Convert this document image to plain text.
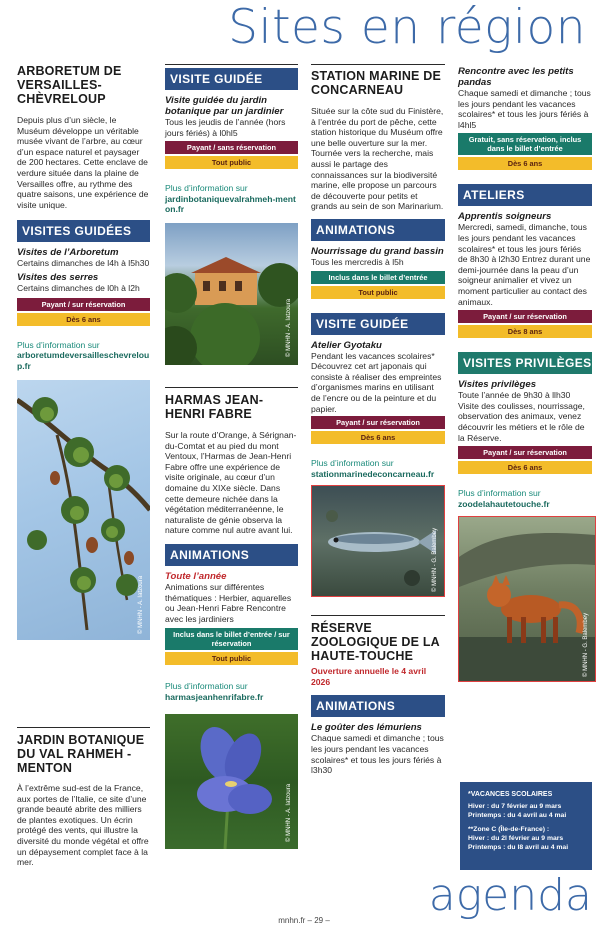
Sites en région
ARBORETUM DE VERSAILLES-CHÈVRELOUP
Depuis plus d’un siècle, le Muséum développe un véritable musée vivant de l’arbre, au cœur d’un espace naturel et paysager de 200 hectares. Cette enclave de verdure située dans la plaine de Versailles offre, au rythme des quatre saisons, une expérience de visite unique.
VISITES GUIDÉES
Visites de l’Arboretum
Certains dimanches de l4h à l5h30
Visites des serres
Certains dimanches de l0h à l2h
Payant / sur réservation
Dès 6 ans
Plus d’information sur
arboretumdeversailleschevreloup.fr
© MNHN - A. Iatzoura
JARDIN BOTANIQUE DU VAL RAHMEH - MENTON
À l’extrême sud-est de la France, aux portes de l’Italie, ce site d’une grande beauté abrite des milliers de plantes exotiques. Un écrin protégé des vents, qui illustre la diversité du monde végétal et offre un dépaysement complet face à la mer.
VISITE GUIDÉE
Visite guidée du jardin botanique par un jardinier
Tous les jeudis de l’année (hors jours fériés) à l0hl5
Payant / sans réservation
Tout public
Plus d’information sur
jardinbotaniquevalrahmeh-menton.fr
© MNHN - A. Iatzoura
HARMAS JEAN-HENRI FABRE
Sur la route d’Orange, à Sérignan-du-Comtat et au pied du mont Ventoux, l’Harmas de Jean-Henri Fabre offre une expérience de visite originale, au cœur d’un domaine du XIXe siècle. Dans cette demeure nichée dans la végétation méditerranéenne, le naturaliste de génie observa la nature comme nul autre avant lui.
ANIMATIONS
Toute l’année
Animations sur différentes thématiques : Herbier, aquarelles ou Jean-Henri Fabre Rencontre avec les jardiniers
Inclus dans le billet d’entrée / sur réservation
Tout public
Plus d’information sur
harmasjeanhenrifabre.fr
© MNHN - A. Iatzoura
STATION MARINE DE CONCARNEAU
Située sur la côte sud du Finistère, à l’entrée du port de pêche, cette station historique du Muséum offre une belle ouverture sur la mer. Tournée vers la recherche, mais aussi le partage des connaissances sur la biodiversité marine, elle propose un parcours de découverte pour petits et grands au sein de son Marinarium.
ANIMATIONS
Nourrissage du grand bassin
Tous les mercredis à l5h
Inclus dans le billet d’entrée
Tout public
VISITE GUIDÉE
Atelier Gyotaku
Pendant les vacances scolaires* Découvrez cet art japonais qui consiste à réaliser des empreintes d’organismes marins en utilisant de l’encre ou de la peinture et du papier.
Payant / sur réservation
Dès 6 ans
Plus d’information sur
stationmarinedeconcarneau.fr
© MNHN - G. Balembey
RÉSERVE ZOOLOGIQUE DE LA HAUTE-TOUCHE
Ouverture annuelle le 4 avril 2026
ANIMATIONS
Le goûter des lémuriens
Chaque samedi et dimanche ; tous les jours pendant les vacances scolaires* et tous les jours fériés à l3h30
Rencontre avec les petits pandas
Chaque samedi et dimanche ; tous les jours pendant les vacances scolaires* et tous les jours fériés à l4hl5
Gratuit, sans réservation, inclus dans le billet d’entrée
Dès 6 ans
ATELIERS
Apprentis soigneurs
Mercredi, samedi, dimanche, tous les jours pendant les vacances scolaires* et tous les jours fériés de 8h30 à l2h30 Entrez durant une demi-journée dans la peau d’un soigneur animalier et vivez un moment particulier au contact des animaux.
Payant / sur réservation
Dès 8 ans
VISITES PRIVILÈGES
Visites privilèges
Toute l’année de 9h30 à llh30 Visite des coulisses, nourrissage, observation des animaux, venez découvrir les métiers et le rôle de la Réserve.
Payant / sur réservation
Dès 6 ans
Plus d’information sur
zoodelahautetouche.fr
© MNHN - G. Balembey
*VACANCES SCOLAIRES
Hiver : du 7 février au 9 mars
Printemps : du 4 avril au 4 mai
**Zone C (Île-de-France) :
Hiver : du 2l février au 9 mars
Printemps : du l8 avril au 4 mai
agenda
mnhn.fr – 29 –
